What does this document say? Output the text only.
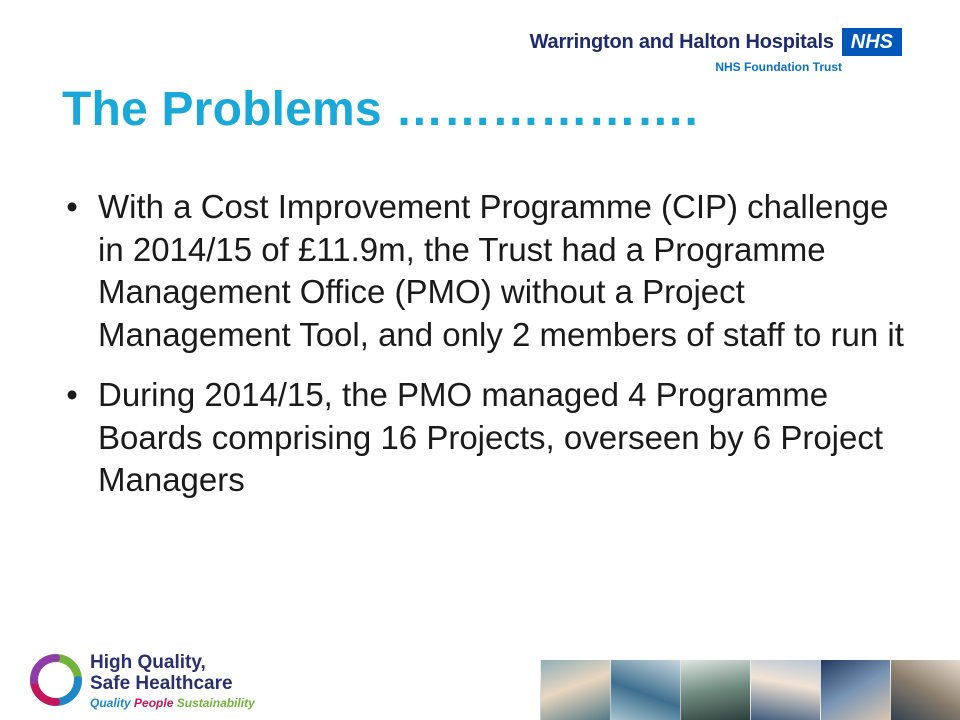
Warrington and Halton Hospitals NHS
NHS Foundation Trust
The Problems ……………….
• With a Cost Improvement Programme (CIP) challenge in 2014/15 of £11.9m, the Trust had a Programme Management Office (PMO) without a Project Management Tool, and only 2 members of staff to run it
• During 2014/15, the PMO managed 4 Programme Boards comprising 16 Projects, overseen by 6 Project Managers
High Quality,
Safe Healthcare
Quality People Sustainability
